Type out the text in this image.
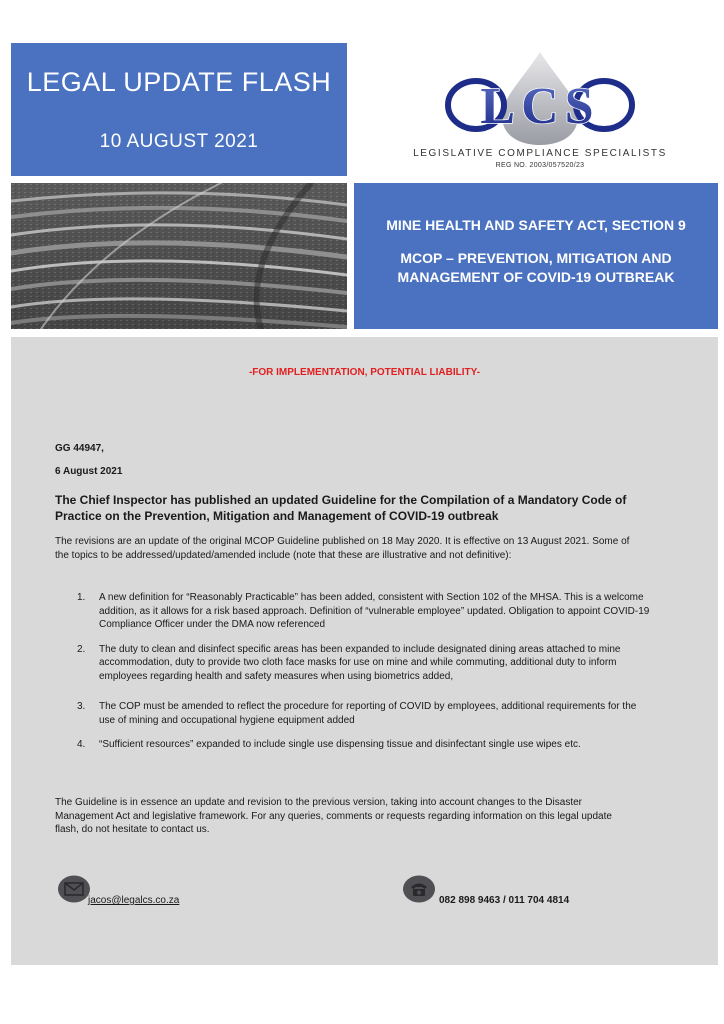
LEGAL UPDATE FLASH
10 AUGUST 2021
LCS
LEGISLATIVE COMPLIANCE SPECIALISTS
REG NO. 2003/057520/23
MINE HEALTH AND SAFETY ACT, SECTION 9
MCOP – PREVENTION, MITIGATION AND MANAGEMENT OF COVID-19 OUTBREAK
-FOR IMPLEMENTATION, POTENTIAL LIABILITY-
GG 44947,
6 August 2021
The Chief Inspector has published an updated Guideline for the Compilation of a Mandatory Code of Practice on the Prevention, Mitigation and Management of COVID-19 outbreak
The revisions are an update of the original MCOP Guideline published on 18 May 2020. It is effective on 13 August 2021. Some of the topics to be addressed/updated/amended include (note that these are illustrative and not definitive):
1. A new definition for “Reasonably Practicable” has been added, consistent with Section 102 of the MHSA. This is a welcome addition, as it allows for a risk based approach. Definition of “vulnerable employee” updated. Obligation to appoint COVID-19 Compliance Officer under the DMA now referenced
2. The duty to clean and disinfect specific areas has been expanded to include designated dining areas attached to mine accommodation, duty to provide two cloth face masks for use on mine and while commuting, additional duty to inform employees regarding health and safety measures when using biometrics added,
3. The COP must be amended to reflect the procedure for reporting of COVID by employees, additional requirements for the use of mining and occupational hygiene equipment added
4. “Sufficient resources” expanded to include single use dispensing tissue and disinfectant single use wipes etc.
The Guideline is in essence an update and revision to the previous version, taking into account changes to the Disaster Management Act and legislative framework. For any queries, comments or requests regarding information on this legal update flash, do not hesitate to contact us.
jacos@legalcs.co.za	082 898 9463 / 011 704 4814
